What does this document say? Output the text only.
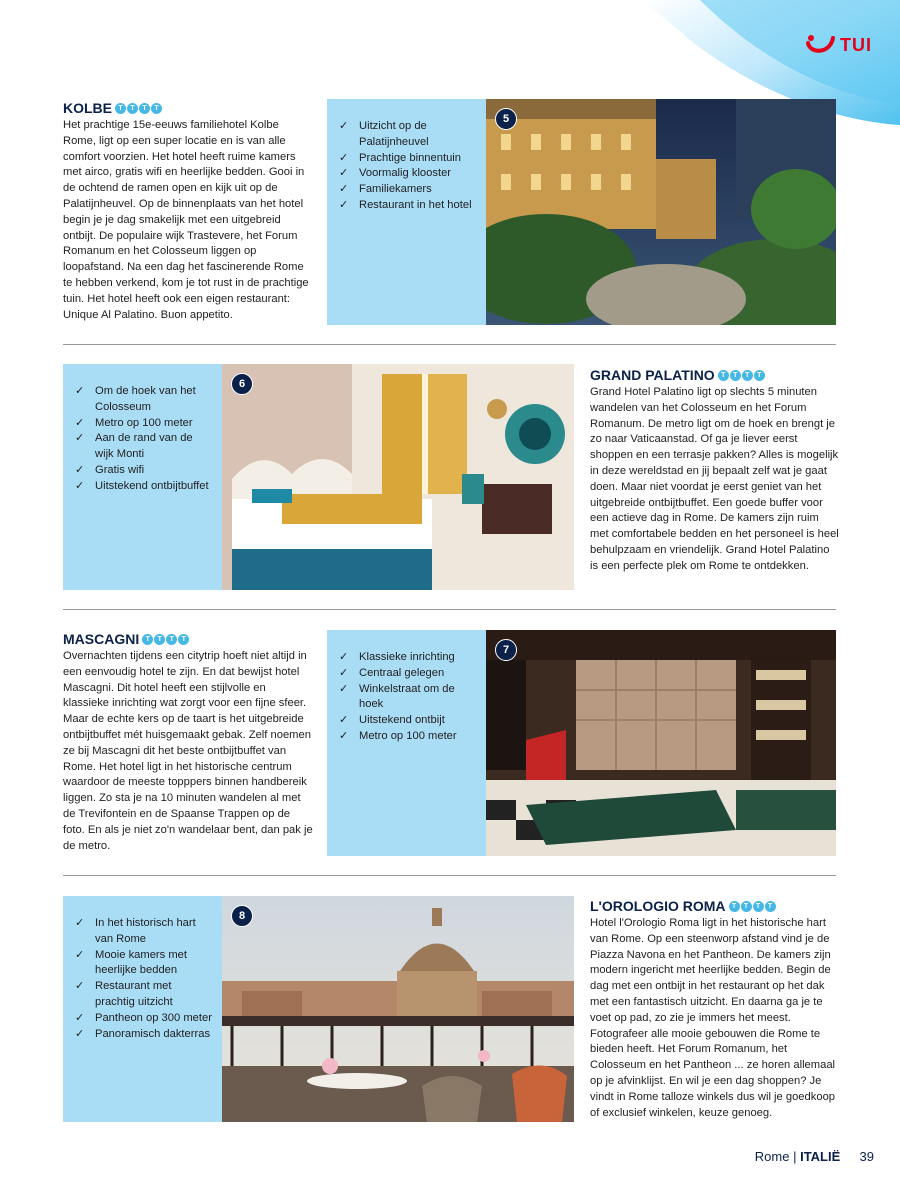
TUI
KOLBE T	T	T	T

Het prachtige 15e-eeuws familiehotel Kolbe Rome, ligt op een super locatie en is van alle comfort voorzien. Het hotel heeft ruime kamers met airco, gratis wifi en heerlijke bedden. Gooi in de ochtend de ramen open en kijk uit op de Palatijnheuvel. Op de binnenplaats van het hotel begin je je dag smakelijk met een uitgebreid ontbijt. De populaire wijk Trastevere, het Forum Romanum en het Colosseum liggen op loopafstand. Na een dag het fascinerende Rome te hebben verkend, kom je tot rust in de prachtige tuin. Het hotel heeft ook een eigen restaurant: Unique Al Palatino. Buon appetito.

✓ Uitzicht op de Palatijnheuvel
✓ Prachtige binnentuin
✓ Voormalig klooster
✓ Familiekamers
✓ Restaurant in het hotel
5
✓ Om de hoek van het Colosseum
✓ Metro op 100 meter
✓ Aan de rand van de wijk Monti
✓ Gratis wifi
✓ Uitstekend ontbijtbuffet
6
GRAND PALATINO T	T	T	T

Grand Hotel Palatino ligt op slechts 5 minuten wandelen van het Colosseum en het Forum Romanum. De metro ligt om de hoek en brengt je zo naar Vaticaanstad. Of ga je liever eerst shoppen en een terrasje pakken? Alles is mogelijk in deze wereldstad en jij bepaalt zelf wat je gaat doen. Maar niet voordat je eerst geniet van het uitgebreide ontbijtbuffet. Een goede buffer voor een actieve dag in Rome. De kamers zijn ruim met comfortabele bedden en het personeel is heel behulpzaam en vriendelijk. Grand Hotel Palatino is een perfecte plek om Rome te ontdekken.

MASCAGNI T	T	T	T

Overnachten tijdens een citytrip hoeft niet altijd in een eenvoudig hotel te zijn. En dat bewijst hotel Mascagni. Dit hotel heeft een stijlvolle en klassieke inrichting wat zorgt voor een fijne sfeer. Maar de echte kers op de taart is het uitgebreide ontbijtbuffet mét huisgemaakt gebak. Zelf noemen ze bij Mascagni dit het beste ontbijtbuffet van Rome. Het hotel ligt in het historische centrum waardoor de meeste topppers binnen handbereik liggen. Zo sta je na 10 minuten wandelen al met de Trevifontein en de Spaanse Trappen op de foto. En als je niet zo'n wandelaar bent, dan pak je de metro.

✓ Klassieke inrichting
✓ Centraal gelegen
✓ Winkelstraat om de hoek
✓ Uitstekend ontbijt
✓ Metro op 100 meter
7
✓ In het historisch hart van Rome
✓ Mooie kamers met heerlijke bedden
✓ Restaurant met prachtig uitzicht
✓ Pantheon op 300 meter
✓ Panoramisch dakterras
8
L'OROLOGIO ROMA T	T	T	T

Hotel l'Orologio Roma ligt in het historische hart van Rome. Op een steenworp afstand vind je de Piazza Navona en het Pantheon. De kamers zijn modern ingericht met heerlijke bedden. Begin de dag met een ontbijt in het restaurant op het dak met een fantastisch uitzicht. En daarna ga je te voet op pad, zo zie je immers het meest. Fotografeer alle mooie gebouwen die Rome te bieden heeft. Het Forum Romanum, het Colosseum en het Pantheon ... ze horen allemaal op je afvinklijst. En wil je een dag shoppen? Je vindt in Rome talloze winkels dus wil je goedkoop of exclusief winkelen, keuze genoeg.

Rome | ITALIË 39
